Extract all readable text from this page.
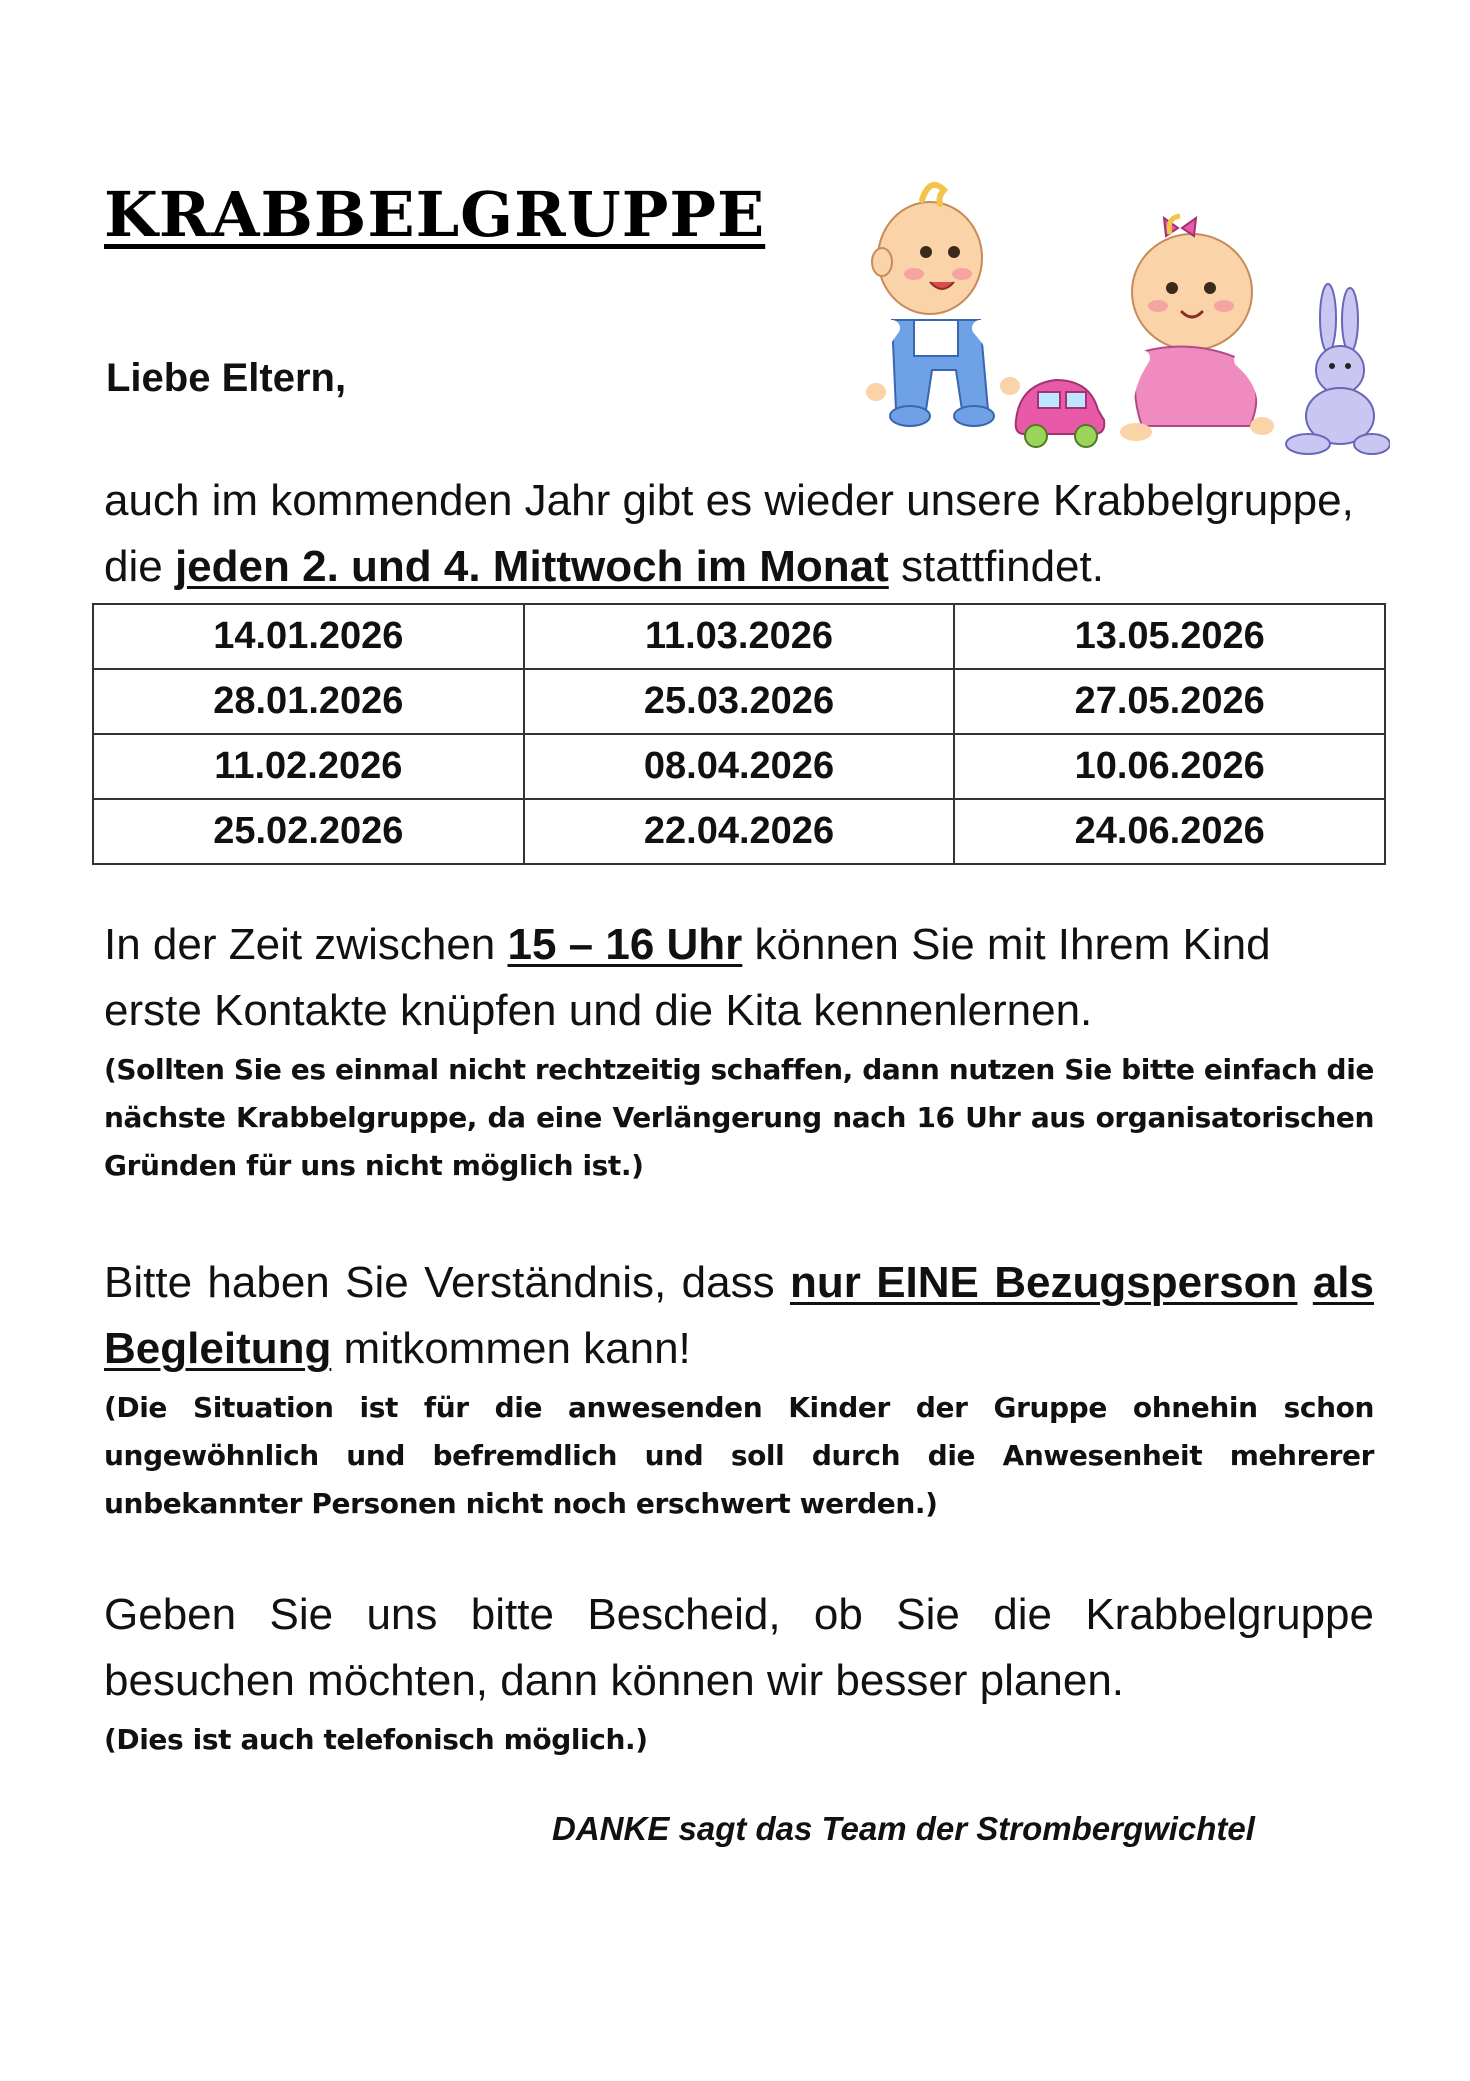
KRABBELGRUPPE
Liebe Eltern,
auch im kommenden Jahr gibt es wieder unsere Krabbelgruppe,
die jeden 2. und 4. Mittwoch im Monat stattfindet.
14.01.2026	11.03.2026	13.05.2026
28.01.2026	25.03.2026	27.05.2026
11.02.2026	08.04.2026	10.06.2026
25.02.2026	22.04.2026	24.06.2026
In der Zeit zwischen 15 – 16 Uhr können Sie mit Ihrem Kind erste Kontakte knüpfen und die Kita kennenlernen.
(Sollten Sie es einmal nicht rechtzeitig schaffen, dann nutzen Sie bitte einfach die nächste Krabbelgruppe, da eine Verlängerung nach 16 Uhr aus organisatorischen Gründen für uns nicht möglich ist.)
Bitte haben Sie Verständnis, dass nur EINE Bezugsperson als Begleitung mitkommen kann!
(Die Situation ist für die anwesenden Kinder der Gruppe ohnehin schon ungewöhnlich und befremdlich und soll durch die Anwesenheit mehrerer unbekannter Personen nicht noch erschwert werden.)
Geben Sie uns bitte Bescheid, ob Sie die Krabbelgruppe besuchen möchten, dann können wir besser planen.
(Dies ist auch telefonisch möglich.)
DANKE sagt das Team der Strombergwichtel
